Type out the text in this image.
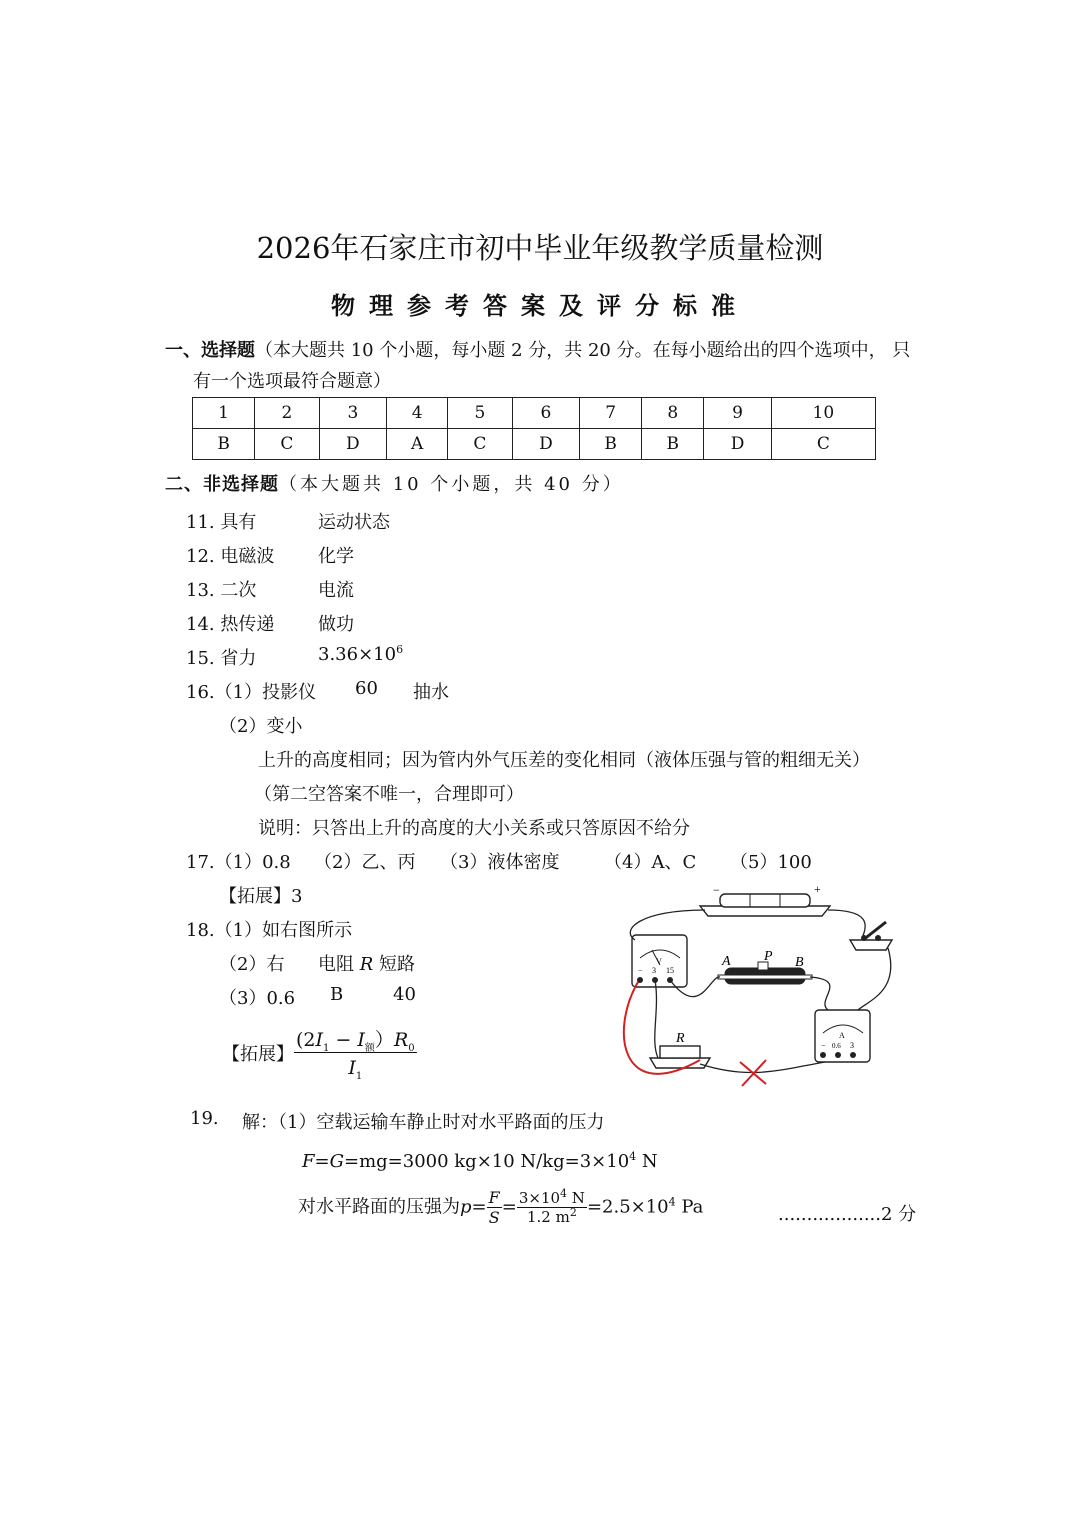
2026年石家庄市初中毕业年级教学质量检测
物理参考答案及评分标准
一、选择题（本大题共 10 个小题，每小题 2 分，共 20 分。在每小题给出的四个选项中， 只
有一个选项最符合题意）
1	2	3	4	5	6	7	8	9	10
B	C	D	A	C	D	B	B	D	C
二、非选择题（本大题共 10 个小题，共 40 分）
11. 具有	运动状态
12. 电磁波 化学
13. 二次	电流
14. 热传递 做功
15. 省力	$3.36\times 10^6$
16.（1）投影仪 60 抽水
（2）变小
上升的高度相同；因为管内外气压差的变化相同（液体压强与管的粗细无关）
（第二空答案不唯一，合理即可）
说明：只答出上升的高度的大小关系或只答原因不给分
17.（1）0.8 （2）乙、丙 （3）液体密度 （4）A、C （5）100
【拓展】3
18.（1）如右图所示
（2）右 电阻 R 短路
（3）0.6 B	40
【拓展】 $\frac{(2I_1 - I_额)R_0}{I_1}$
19. 解：（1）空载运输车静止时对水平路面的压力
F=G=mg=3000 kg×10 $N/kg=3\times 10^4$ N
对水平路面的压强为$p= \frac{F}{S} = \frac{3\times 10^4 N}{1.2 m^2} =2.5\times 10^4$ Pa	..................2 分
−	+
V
− 3 15
A P B
R	A
− 0.6 3
